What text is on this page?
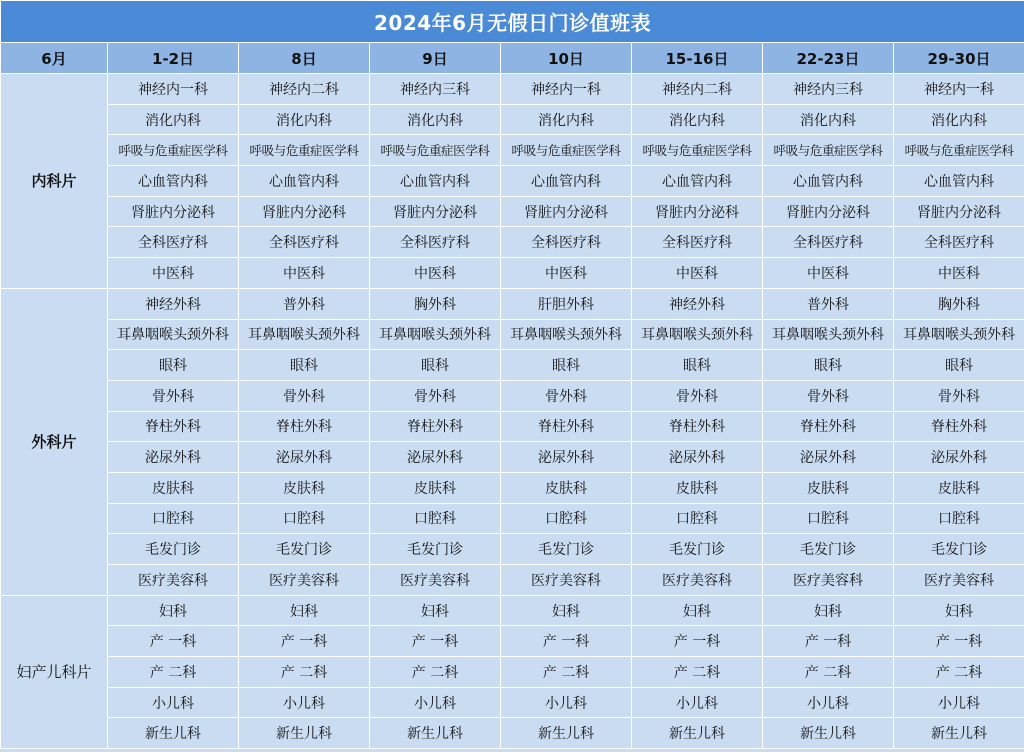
2024年6月无假日门诊值班表							
6月	1-2日	8日	9日	10日	15-16日	22-23日	29-30日
内科片	神经内一科	神经内二科	神经内三科	神经内一科	神经内二科	神经内三科	神经内一科
	消化内科	消化内科	消化内科	消化内科	消化内科	消化内科	消化内科
	呼吸与危重症医学科	呼吸与危重症医学科	呼吸与危重症医学科	呼吸与危重症医学科	呼吸与危重症医学科	呼吸与危重症医学科	呼吸与危重症医学科
	心血管内科	心血管内科	心血管内科	心血管内科	心血管内科	心血管内科	心血管内科
	肾脏内分泌科	肾脏内分泌科	肾脏内分泌科	肾脏内分泌科	肾脏内分泌科	肾脏内分泌科	肾脏内分泌科
	全科医疗科	全科医疗科	全科医疗科	全科医疗科	全科医疗科	全科医疗科	全科医疗科
	中医科	中医科	中医科	中医科	中医科	中医科	中医科
外科片	神经外科	普外科	胸外科	肝胆外科	神经外科	普外科	胸外科
	耳鼻咽喉头颈外科	耳鼻咽喉头颈外科	耳鼻咽喉头颈外科	耳鼻咽喉头颈外科	耳鼻咽喉头颈外科	耳鼻咽喉头颈外科	耳鼻咽喉头颈外科
	眼科	眼科	眼科	眼科	眼科	眼科	眼科
	骨外科	骨外科	骨外科	骨外科	骨外科	骨外科	骨外科
	脊柱外科	脊柱外科	脊柱外科	脊柱外科	脊柱外科	脊柱外科	脊柱外科
	泌尿外科	泌尿外科	泌尿外科	泌尿外科	泌尿外科	泌尿外科	泌尿外科
	皮肤科	皮肤科	皮肤科	皮肤科	皮肤科	皮肤科	皮肤科
	口腔科	口腔科	口腔科	口腔科	口腔科	口腔科	口腔科
	毛发门诊	毛发门诊	毛发门诊	毛发门诊	毛发门诊	毛发门诊	毛发门诊
	医疗美容科	医疗美容科	医疗美容科	医疗美容科	医疗美容科	医疗美容科	医疗美容科
妇产儿科片	妇科	妇科	妇科	妇科	妇科	妇科	妇科
	产 一科	产 一科	产 一科	产 一科	产 一科	产 一科	产 一科
	产 二科	产 二科	产 二科	产 二科	产 二科	产 二科	产 二科
	小儿科	小儿科	小儿科	小儿科	小儿科	小儿科	小儿科
	新生儿科	新生儿科	新生儿科	新生儿科	新生儿科	新生儿科	新生儿科
